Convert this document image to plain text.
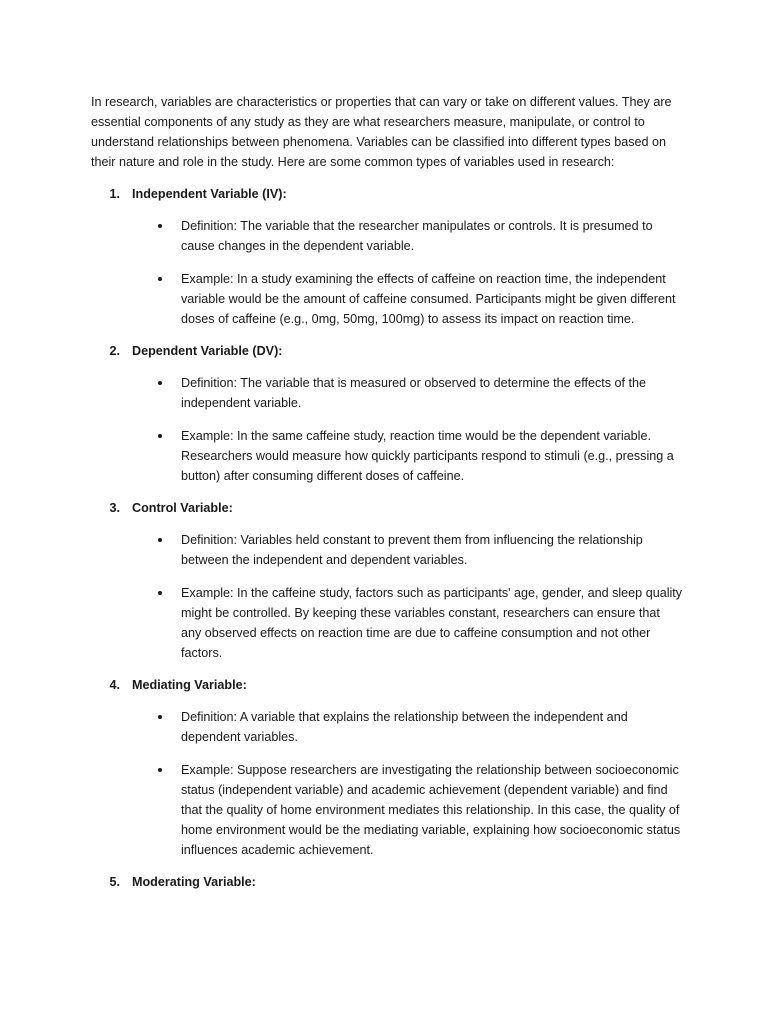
In research, variables are characteristics or properties that can vary or take on different values. They are essential components of any study as they are what researchers measure, manipulate, or control to understand relationships between phenomena. Variables can be classified into different types based on their nature and role in the study. Here are some common types of variables used in research:

1. Independent Variable (IV):
Definition: The variable that the researcher manipulates or controls. It is presumed to cause changes in the dependent variable.
Example: In a study examining the effects of caffeine on reaction time, the independent variable would be the amount of caffeine consumed. Participants might be given different doses of caffeine (e.g., 0mg, 50mg, 100mg) to assess its impact on reaction time.
2. Dependent Variable (DV):
Definition: The variable that is measured or observed to determine the effects of the independent variable.
Example: In the same caffeine study, reaction time would be the dependent variable. Researchers would measure how quickly participants respond to stimuli (e.g., pressing a button) after consuming different doses of caffeine.
3. Control Variable:
Definition: Variables held constant to prevent them from influencing the relationship between the independent and dependent variables.
Example: In the caffeine study, factors such as participants' age, gender, and sleep quality might be controlled. By keeping these variables constant, researchers can ensure that any observed effects on reaction time are due to caffeine consumption and not other factors.
4. Mediating Variable:
Definition: A variable that explains the relationship between the independent and dependent variables.
Example: Suppose researchers are investigating the relationship between socioeconomic status (independent variable) and academic achievement (dependent variable) and find that the quality of home environment mediates this relationship. In this case, the quality of home environment would be the mediating variable, explaining how socioeconomic status influences academic achievement.
5. Moderating Variable:
